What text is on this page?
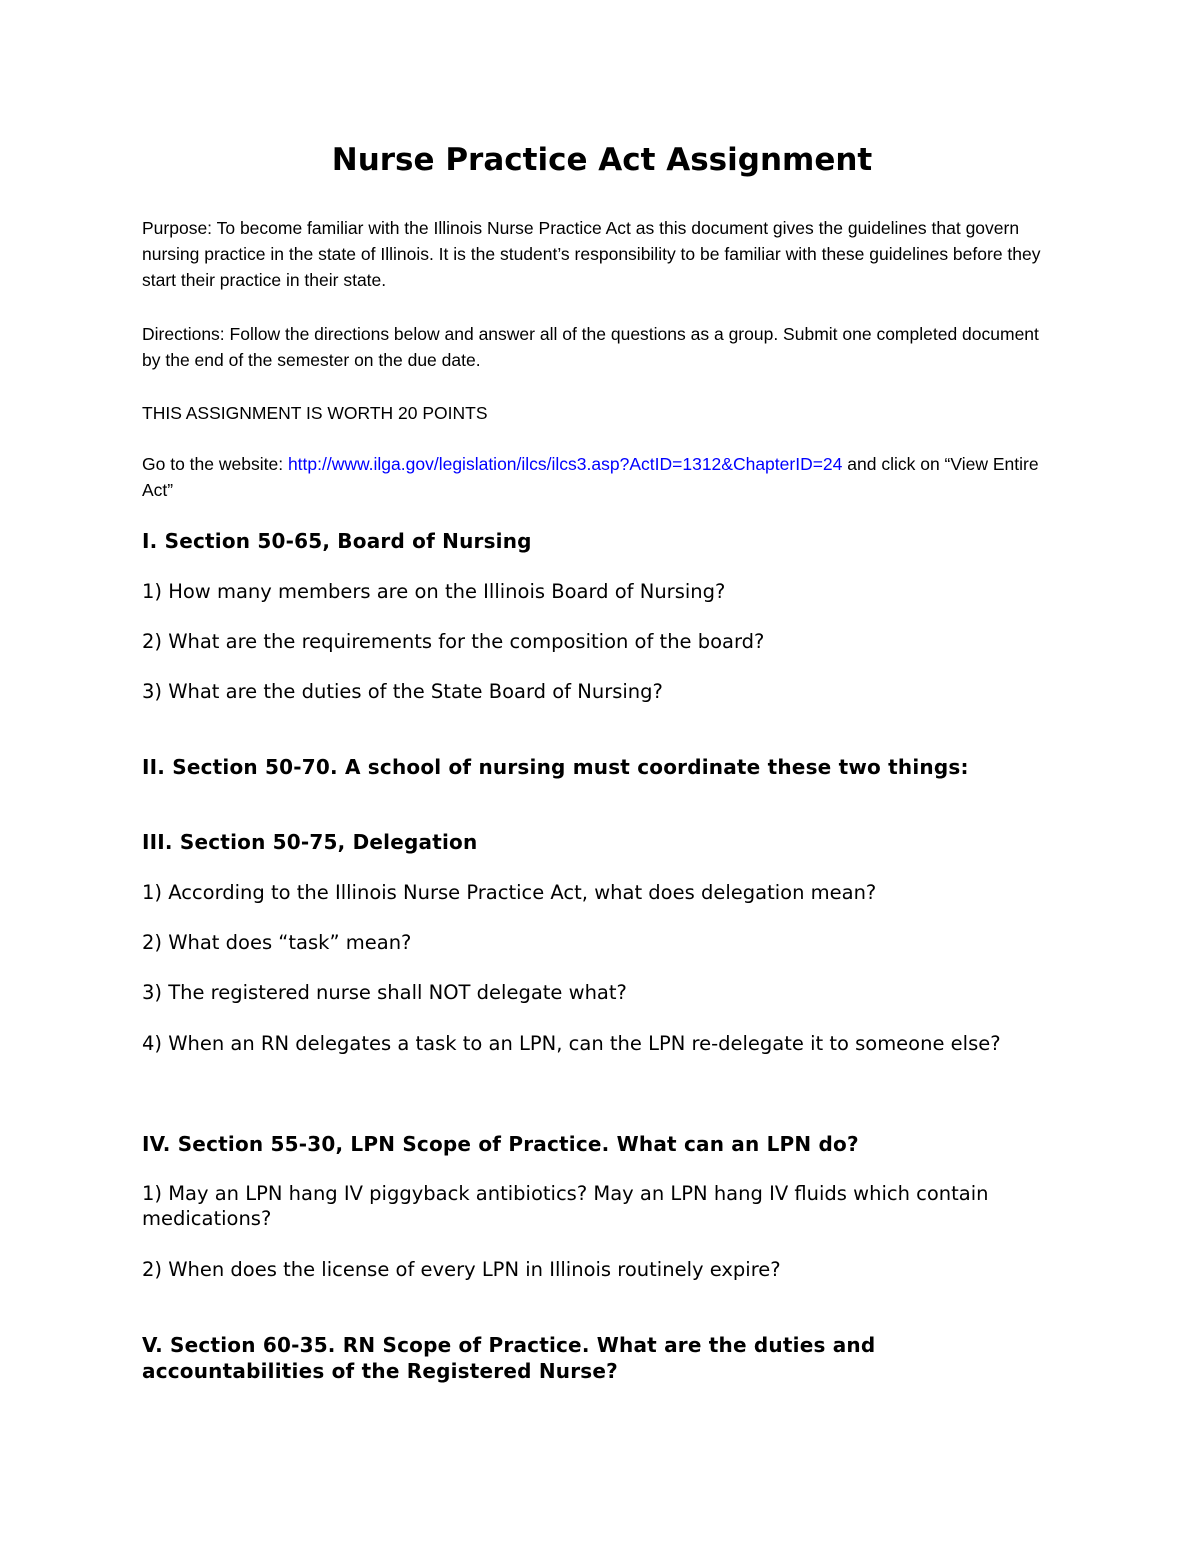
Nurse Practice Act Assignment

Purpose: To become familiar with the Illinois Nurse Practice Act as this document gives the guidelines that govern nursing practice in the state of Illinois. It is the student’s responsibility to be familiar with these guidelines before they start their practice in their state.

Directions: Follow the directions below and answer all of the questions as a group. Submit one completed document by the end of the semester on the due date.

THIS ASSIGNMENT IS WORTH 20 POINTS

Go to the website: http://www.ilga.gov/legislation/ilcs/ilcs3.asp?ActID=1312&ChapterID=24 and click on “View Entire Act”

I. Section 50-65, Board of Nursing

1) How many members are on the Illinois Board of Nursing?

2) What are the requirements for the composition of the board?

3) What are the duties of the State Board of Nursing?

II. Section 50-70. A school of nursing must coordinate these two things:
III. Section 50-75, Delegation

1) According to the Illinois Nurse Practice Act, what does delegation mean?

2) What does “task” mean?

3) The registered nurse shall NOT delegate what?

4) When an RN delegates a task to an LPN, can the LPN re-delegate it to someone else?

IV. Section 55-30, LPN Scope of Practice. What can an LPN do?

1) May an LPN hang IV piggyback antibiotics? May an LPN hang IV fluids which contain medications?

2) When does the license of every LPN in Illinois routinely expire?

V. Section 60-35. RN Scope of Practice. What are the duties and accountabilities of the Registered Nurse?
